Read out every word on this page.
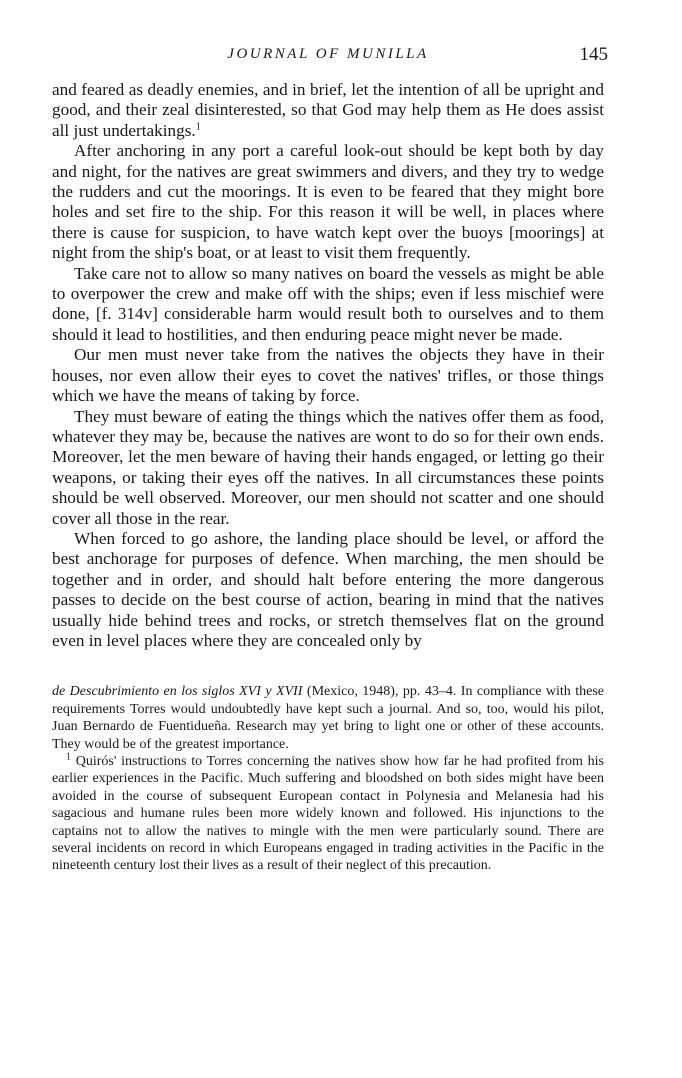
JOURNAL OF MUNILLA	145

and feared as deadly enemies, and in brief, let the intention of all be upright and good, and their zeal disinterested, so that God may help them as He does assist all just undertakings.$^1$

After anchoring in any port a careful look-out should be kept both by day and night, for the natives are great swimmers and divers, and they try to wedge the rudders and cut the moorings. It is even to be feared that they might bore holes and set fire to the ship. For this reason it will be well, in places where there is cause for suspicion, to have watch kept over the buoys [moorings] at night from the ship's boat, or at least to visit them frequently.

Take care not to allow so many natives on board the vessels as might be able to overpower the crew and make off with the ships; even if less mischief were done, [f. 314v] considerable harm would result both to ourselves and to them should it lead to hostilities, and then enduring peace might never be made.

Our men must never take from the natives the objects they have in their houses, nor even allow their eyes to covet the natives' trifles, or those things which we have the means of taking by force.

They must beware of eating the things which the natives offer them as food, whatever they may be, because the natives are wont to do so for their own ends. Moreover, let the men beware of having their hands engaged, or letting go their weapons, or taking their eyes off the natives. In all circumstances these points should be well observed. Moreover, our men should not scatter and one should cover all those in the rear.

When forced to go ashore, the landing place should be level, or afford the best anchorage for purposes of defence. When marching, the men should be together and in order, and should halt before entering the more dangerous passes to decide on the best course of action, bearing in mind that the natives usually hide behind trees and rocks, or stretch themselves flat on the ground even in level places where they are concealed only by

de Descubrimiento en los siglos XVI y XVII (Mexico, 1948), pp. 43–4. In compliance with these requirements Torres would undoubtedly have kept such a journal. And so, too, would his pilot, Juan Bernardo de Fuentidueña. Research may yet bring to light one or other of these accounts. They would be of the greatest importance.

$^1$ Quirós' instructions to Torres concerning the natives show how far he had profited from his earlier experiences in the Pacific. Much suffering and bloodshed on both sides might have been avoided in the course of subsequent European contact in Polynesia and Melanesia had his sagacious and humane rules been more widely known and followed. His injunctions to the captains not to allow the natives to mingle with the men were particularly sound. There are several incidents on record in which Europeans engaged in trading activities in the Pacific in the nineteenth century lost their lives as a result of their neglect of this precaution.
